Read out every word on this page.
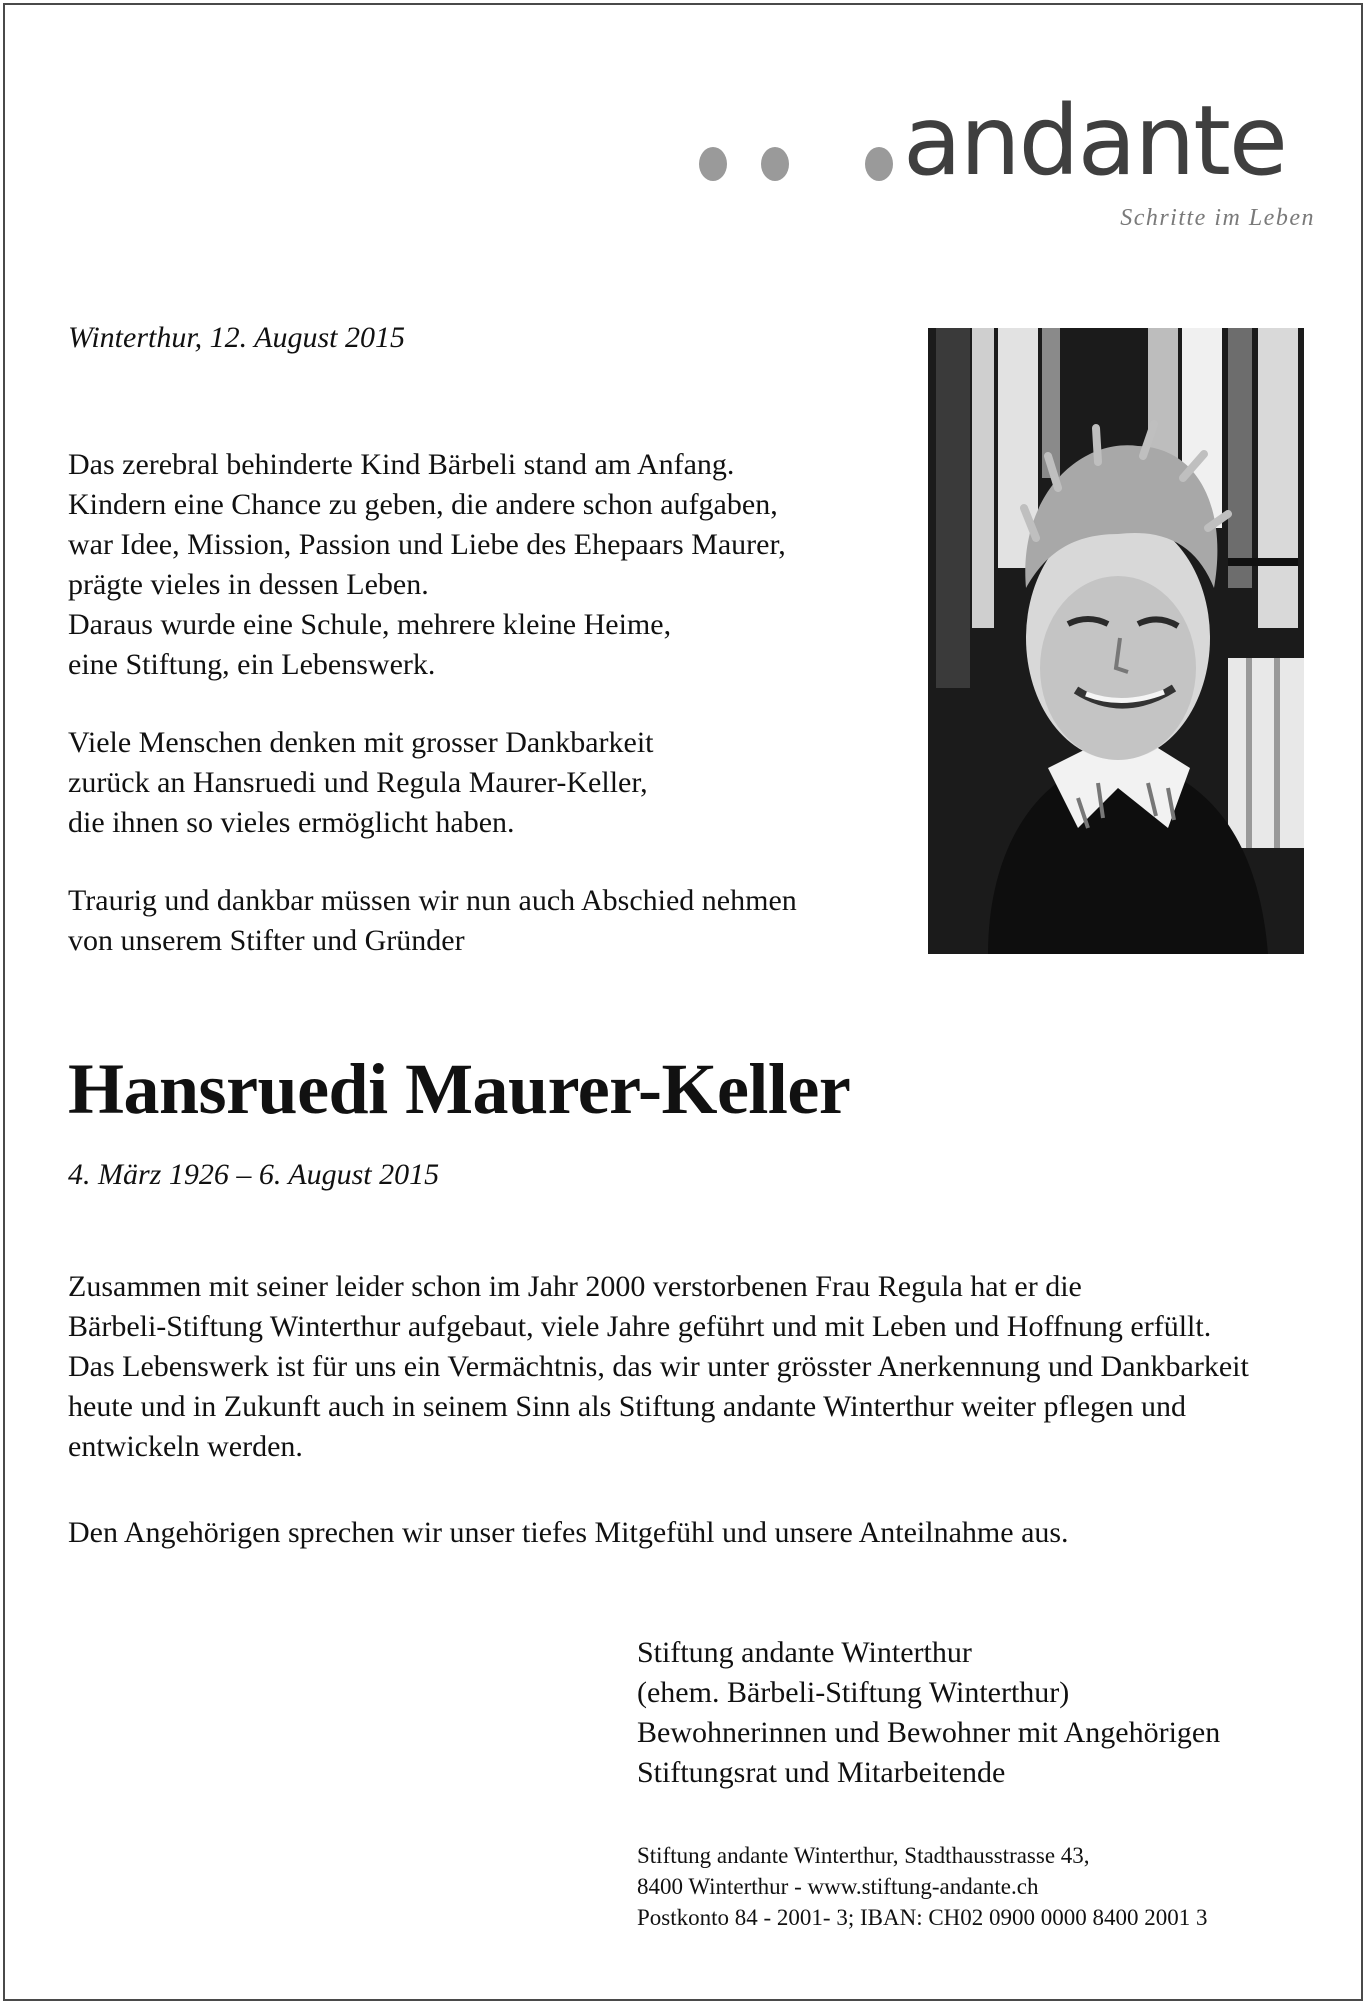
andante
Schritte im Leben
Winterthur, 12. August 2015
Das zerebral behinderte Kind Bärbeli stand am Anfang.
Kindern eine Chance zu geben, die andere schon aufgaben,
war Idee, Mission, Passion und Liebe des Ehepaars Maurer,
prägte vieles in dessen Leben.
Daraus wurde eine Schule, mehrere kleine Heime,
eine Stiftung, ein Lebenswerk.
Viele Menschen denken mit grosser Dankbarkeit
zurück an Hansruedi und Regula Maurer-Keller,
die ihnen so vieles ermöglicht haben.
Traurig und dankbar müssen wir nun auch Abschied nehmen
von unserem Stifter und Gründer
Hansruedi Maurer-Keller
4. März 1926 – 6. August 2015
Zusammen mit seiner leider schon im Jahr 2000 verstorbenen Frau Regula hat er die
Bärbeli-Stiftung Winterthur aufgebaut, viele Jahre geführt und mit Leben und Hoffnung erfüllt.
Das Lebenswerk ist für uns ein Vermächtnis, das wir unter grösster Anerkennung und Dankbarkeit
heute und in Zukunft auch in seinem Sinn als Stiftung andante Winterthur weiter pflegen und
entwickeln werden.
Den Angehörigen sprechen wir unser tiefes Mitgefühl und unsere Anteilnahme aus.
Stiftung andante Winterthur
(ehem. Bärbeli-Stiftung Winterthur)
Bewohnerinnen und Bewohner mit Angehörigen
Stiftungsrat und Mitarbeitende
Stiftung andante Winterthur, Stadthausstrasse 43,
8400 Winterthur - www.stiftung-andante.ch
Postkonto 84 - 2001- 3; IBAN: CH02 0900 0000 8400 2001 3
